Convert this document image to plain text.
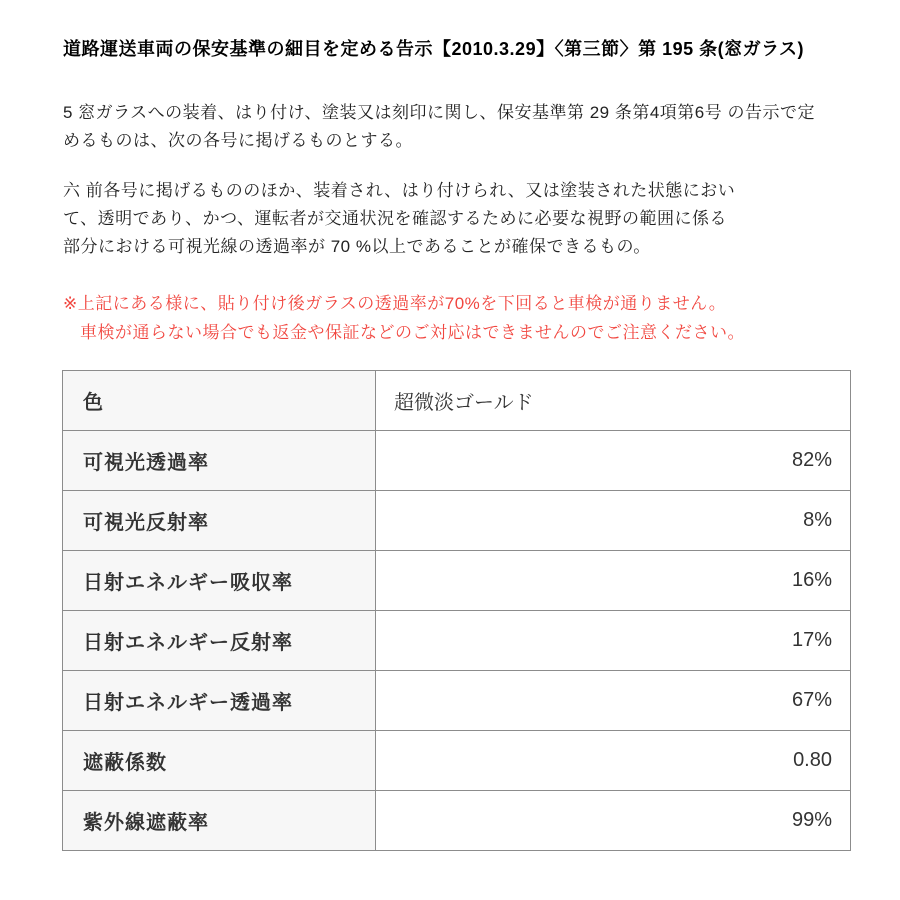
道路運送車両の保安基準の細目を定める告示【2010.3.29】〈第三節〉第 195 条(窓ガラス)
5 窓ガラスへの装着、はり付け、塗装又は刻印に関し、保安基準第 29 条第4項第6号 の告示で定
めるものは、次の各号に掲げるものとする。
六 前各号に掲げるもののほか、装着され、はり付けられ、又は塗装された状態におい
て、透明であり、かつ、運転者が交通状況を確認するために必要な視野の範囲に係る
部分における可視光線の透過率が 70 %以上であることが確保できるもの。
※上記にある様に、貼り付け後ガラスの透過率が70%を下回ると車検が通りません。
車検が通らない場合でも返金や保証などのご対応はできませんのでご注意ください。
色	超微淡ゴールド
可視光透過率	82%
可視光反射率	8%
日射エネルギー吸収率	16%
日射エネルギー反射率	17%
日射エネルギー透過率	67%
遮蔽係数	0.80
紫外線遮蔽率	99%
